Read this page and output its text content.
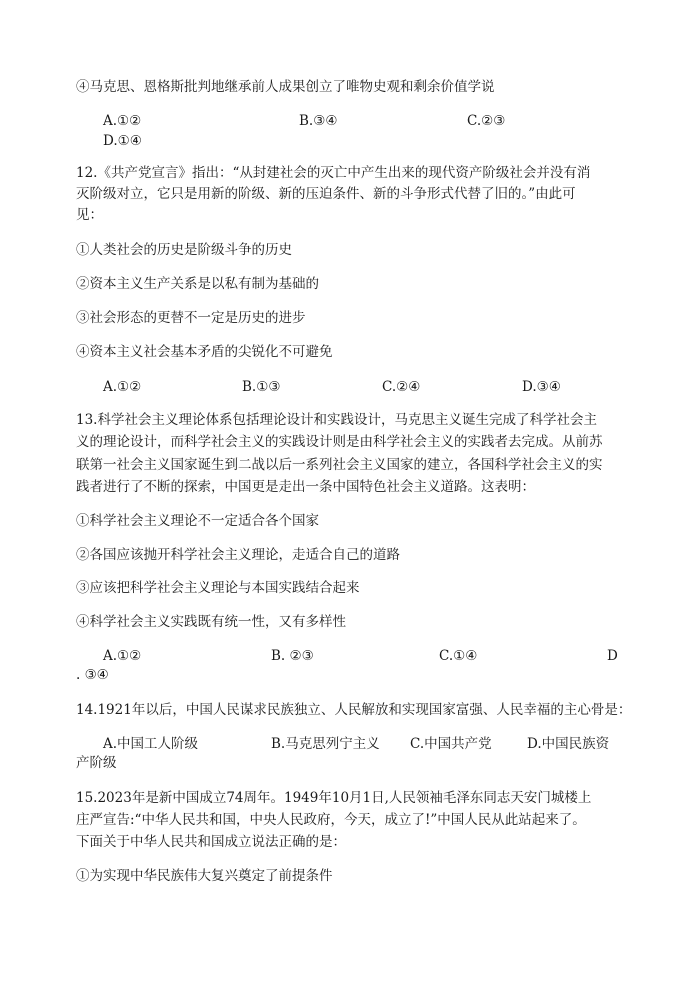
④马克思、恩格斯批判地继承前人成果创立了唯物史观和剩余价值学说
A.①②	B.③④	C.②③
D.①④
12.《共产党宣言》指出：“从封建社会的灭亡中产生出来的现代资产阶级社会并没有消
灭阶级对立，它只是用新的阶级、新的压迫条件、新的斗争形式代替了旧的。”由此可
见：
①人类社会的历史是阶级斗争的历史
②资本主义生产关系是以私有制为基础的
③社会形态的更替不一定是历史的进步
④资本主义社会基本矛盾的尖锐化不可避免
A.①②	B.①③	C.②④	D.③④
13.科学社会主义理论体系包括理论设计和实践设计，马克思主义诞生完成了科学社会主
义的理论设计，而科学社会主义的实践设计则是由科学社会主义的实践者去完成。从前苏
联第一社会主义国家诞生到二战以后一系列社会主义国家的建立，各国科学社会主义的实
践者进行了不断的探索，中国更是走出一条中国特色社会主义道路。这表明：
①科学社会主义理论不一定适合各个国家
②各国应该抛开科学社会主义理论，走适合自己的道路
③应该把科学社会主义理论与本国实践结合起来
④科学社会主义实践既有统一性，又有多样性
A.①②	B. ②③	C.①④	D
. ③④
14.1921年以后，中国人民谋求民族独立、人民解放和实现国家富强、人民幸福的主心骨是：
A.中国工人阶级	B.马克思列宁主义 C.中国共产党	D.中国民族资
产阶级
15.2023年是新中国成立74周年。1949年10月1日,人民领袖毛泽东同志天安门城楼上
庄严宣告:“中华人民共和国，中央人民政府，今天，成立了!”中国人民从此站起来了。
下面关于中华人民共和国成立说法正确的是：
①为实现中华民族伟大复兴奠定了前提条件
